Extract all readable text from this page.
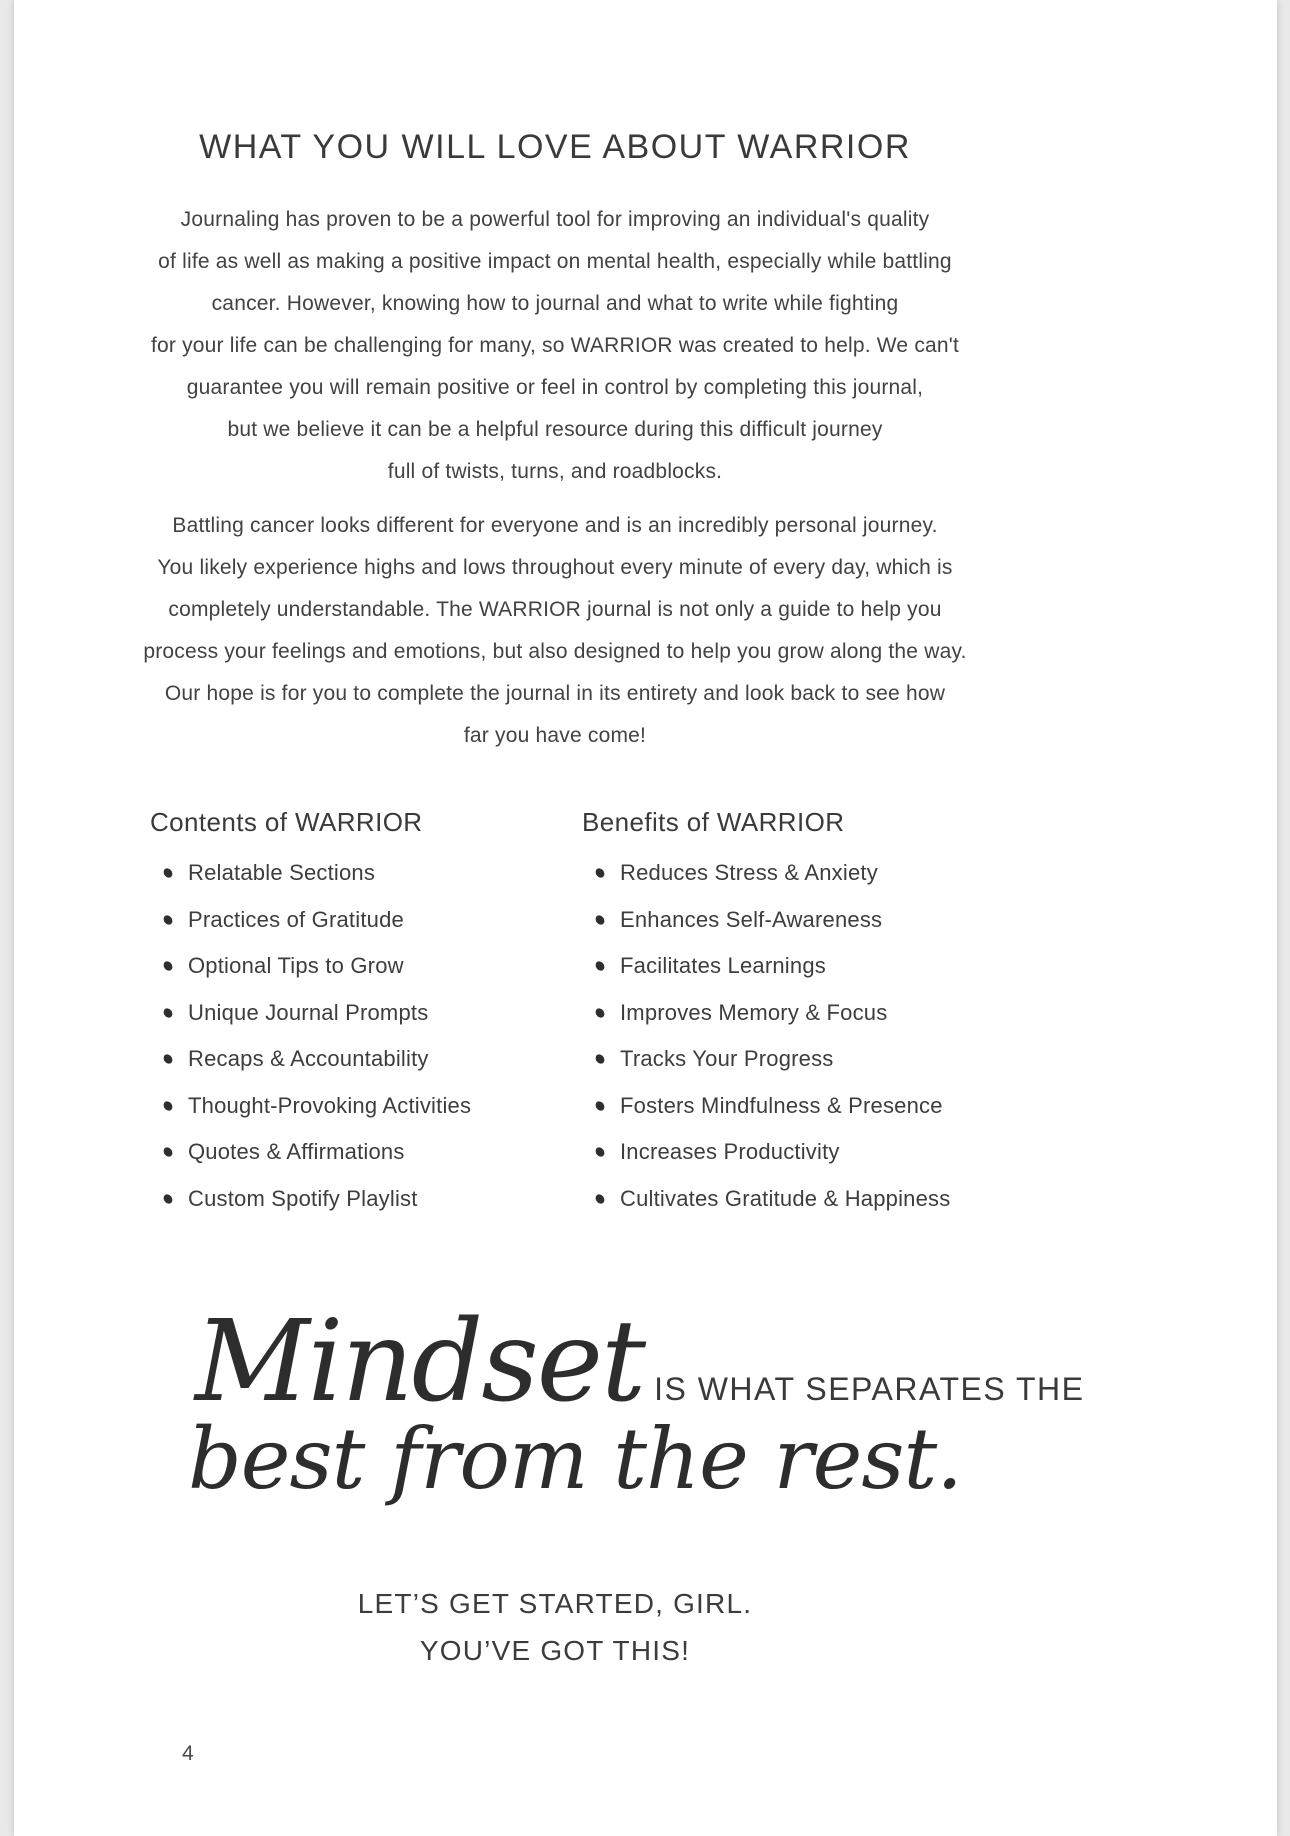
WHAT YOU WILL LOVE ABOUT WARRIOR
Journaling has proven to be a powerful tool for improving an individual's quality
of life as well as making a positive impact on mental health, especially while battling
cancer. However, knowing how to journal and what to write while fighting
for your life can be challenging for many, so WARRIOR was created to help. We can't
guarantee you will remain positive or feel in control by completing this journal,
but we believe it can be a helpful resource during this difficult journey
full of twists, turns, and roadblocks.
Battling cancer looks different for everyone and is an incredibly personal journey.
You likely experience highs and lows throughout every minute of every day, which is
completely understandable. The WARRIOR journal is not only a guide to help you
process your feelings and emotions, but also designed to help you grow along the way.
Our hope is for you to complete the journal in its entirety and look back to see how
far you have come!
Contents of WARRIOR
Relatable Sections
Practices of Gratitude
Optional Tips to Grow
Unique Journal Prompts
Recaps & Accountability
Thought-Provoking Activities
Quotes & Affirmations
Custom Spotify Playlist
Benefits of WARRIOR
Reduces Stress & Anxiety
Enhances Self-Awareness
Facilitates Learnings
Improves Memory & Focus
Tracks Your Progress
Fosters Mindfulness & Presence
Increases Productivity
Cultivates Gratitude & Happiness
Mindset IS WHAT SEPARATES THE
best from the rest.
LET’S GET STARTED, GIRL.
YOU’VE GOT THIS!
4
